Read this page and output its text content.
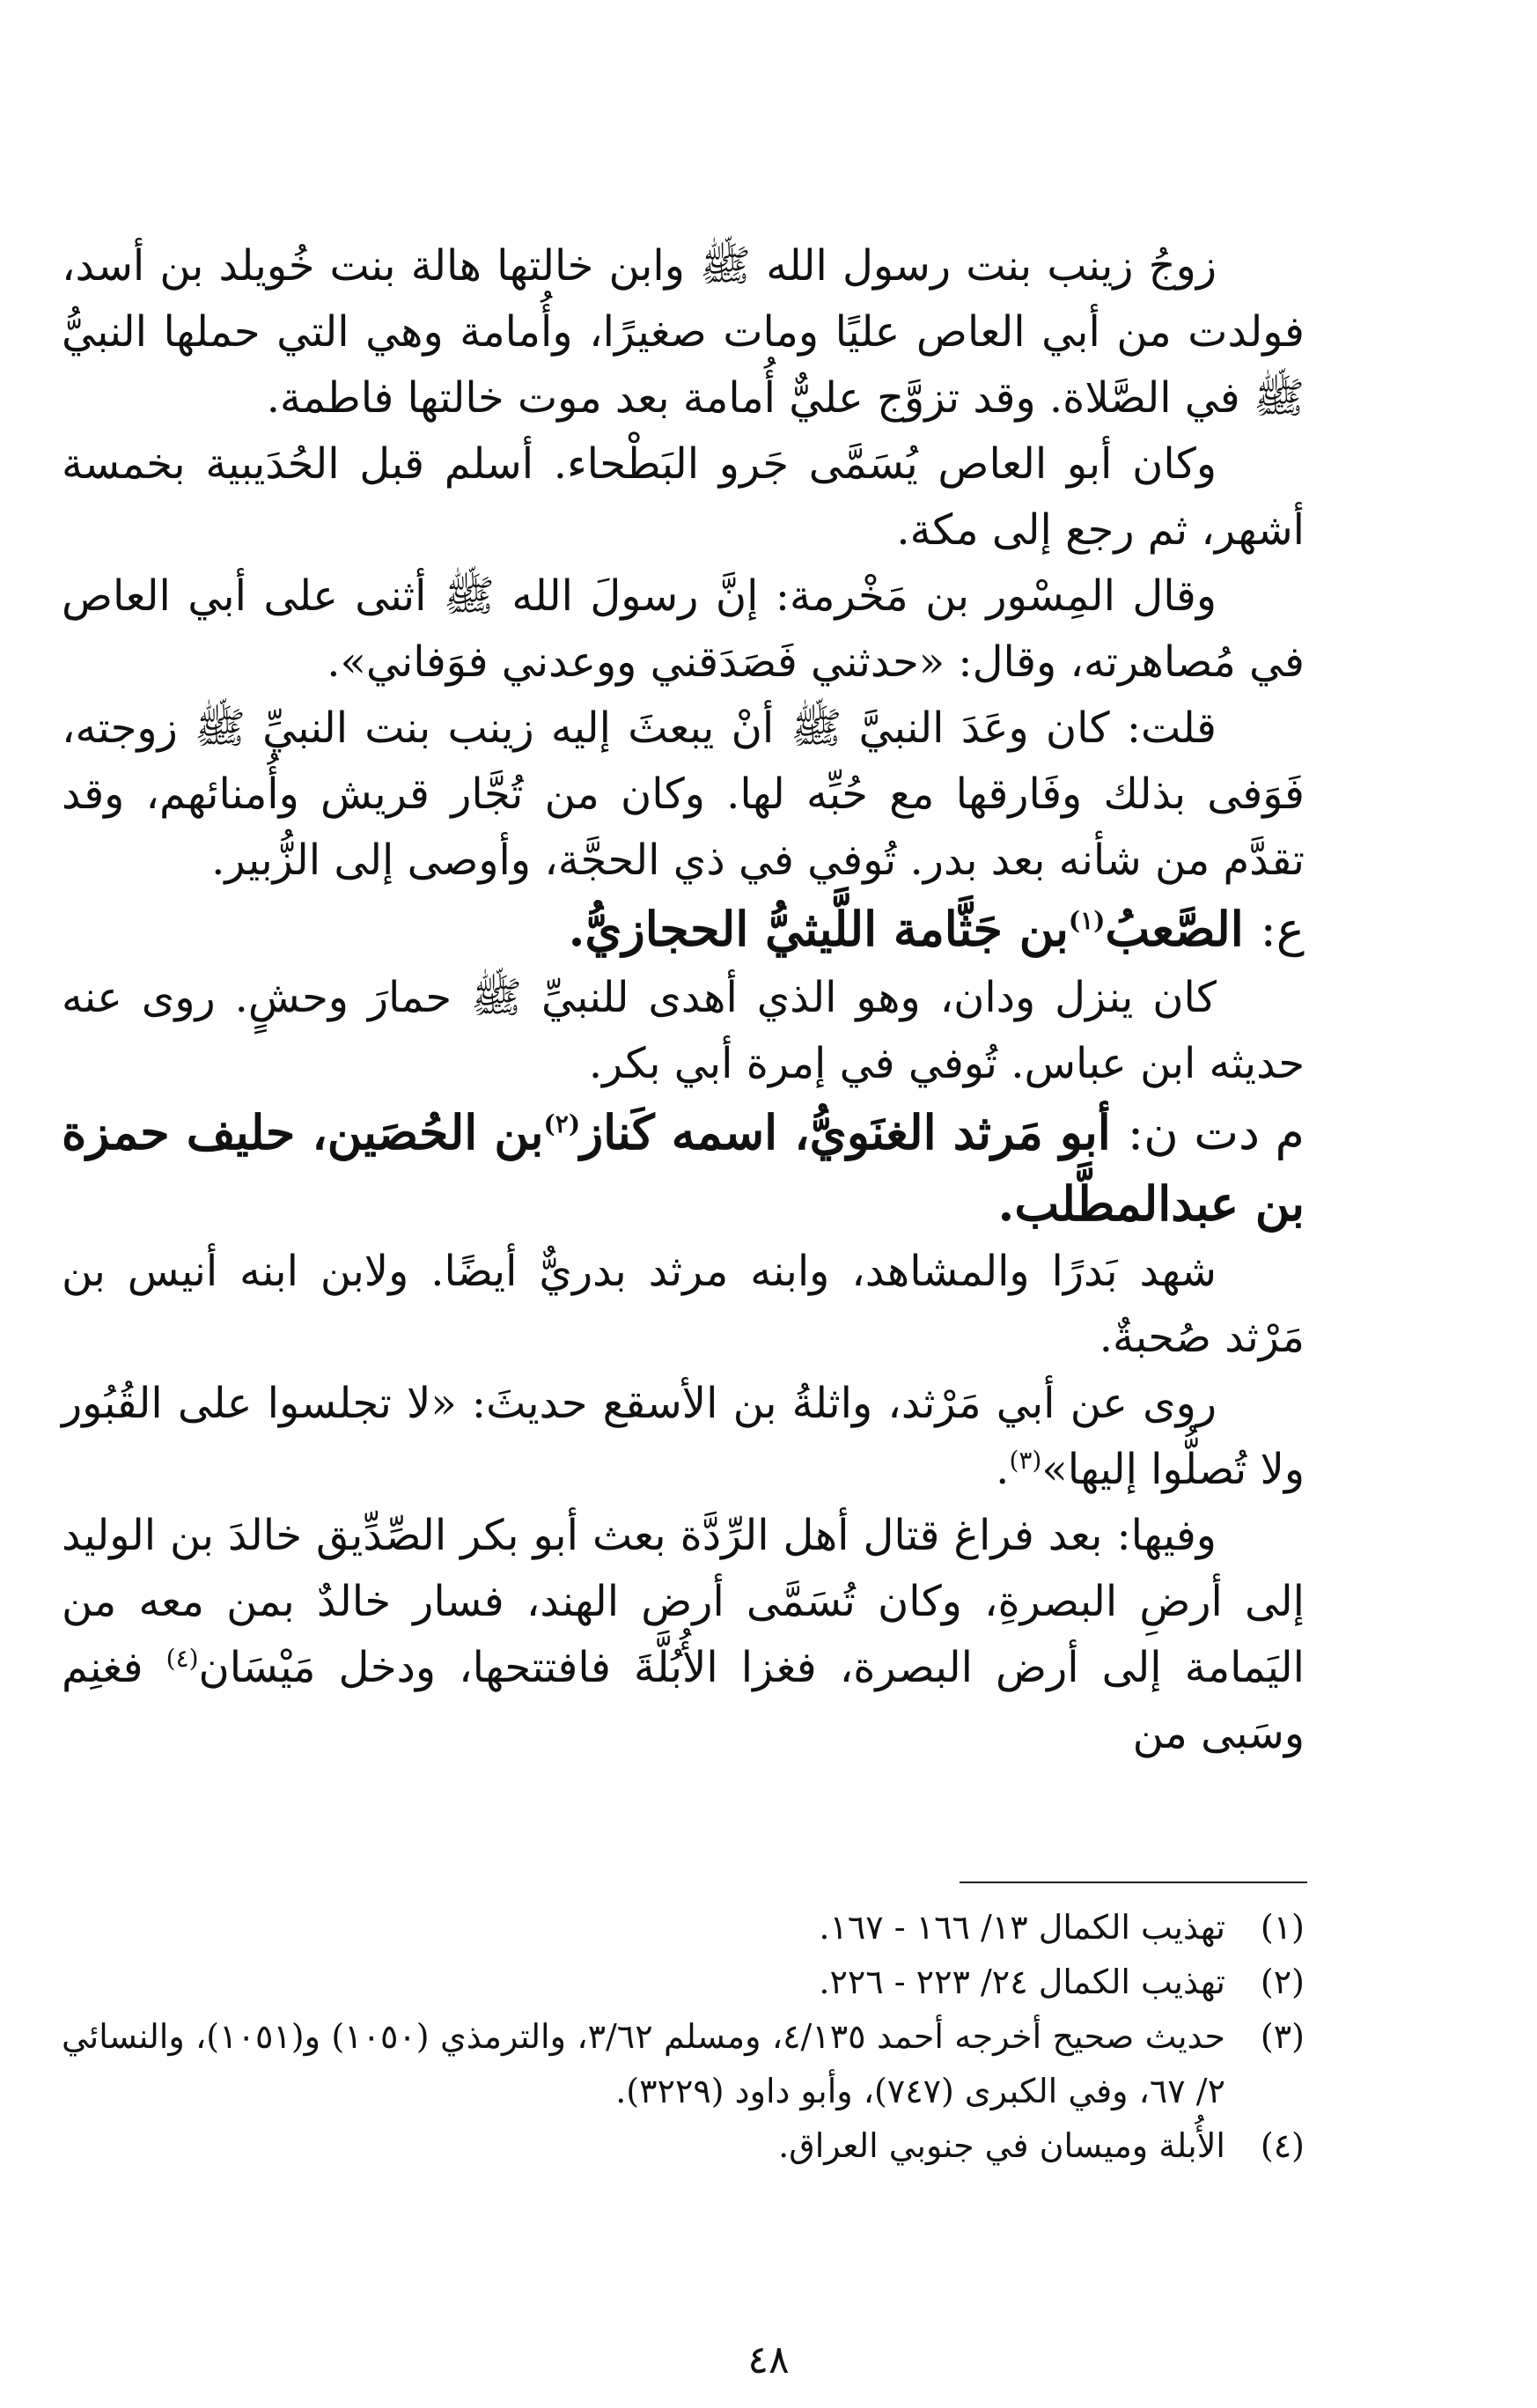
زوجُ زينب بنت رسول الله ﷺ وابن خالتها هالة بنت خُويلد بن أسد، فولدت من أبي العاص عليًا ومات صغيرًا، وأُمامة وهي التي حملها النبيُّ ﷺ في الصَّلاة. وقد تزوَّج عليٌّ أُمامة بعد موت خالتها فاطمة.

وكان أبو العاص يُسَمَّى جَرو البَطْحاء. أسلم قبل الحُدَيبية بخمسة أشهر، ثم رجع إلى مكة.

وقال المِسْور بن مَخْرمة: إنَّ رسولَ الله ﷺ أثنى على أبي العاص في مُصاهرته، وقال: «حدثني فَصَدَقني ووعدني فوَفاني».

قلت: كان وعَدَ النبيَّ ﷺ أنْ يبعثَ إليه زينب بنت النبيِّ ﷺ زوجته، فَوَفى بذلك وفَارقها مع حُبِّه لها. وكان من تُجَّار قريش وأُمنائهم، وقد تقدَّم من شأنه بعد بدر. تُوفي في ذي الحجَّة، وأوصى إلى الزُّبير.

ع: الصَّعبُ$^{(١)}$بن جَثَّامة اللَّيثيُّ الحجازيُّ.

كان ينزل ودان، وهو الذي أهدى للنبيِّ ﷺ حمارَ وحشٍ. روى عنه حديثه ابن عباس. تُوفي في إمرة أبي بكر.

م دت ن: أبو مَرثد الغنَويُّ، اسمه كَناز$^{(٢)}$بن الحُصَين، حليف حمزة بن عبدالمطَّلب.

شهد بَدرًا والمشاهد، وابنه مرثد بدريٌّ أيضًا. ولابن ابنه أنيس بن مَرْثد صُحبةٌ.

روى عن أبي مَرْثد، واثلةُ بن الأسقع حديثَ: «لا تجلسوا على القُبُور ولا تُصلُّوا إليها»$^{(٣)}$.

وفيها: بعد فراغ قتال أهل الرِّدَّة بعث أبو بكر الصِّدِّيق خالدَ بن الوليد إلى أرضِ البصرةِ، وكان تُسَمَّى أرض الهند، فسار خالدٌ بمن معه من اليَمامة إلى أرض البصرة، فغزا الأُبُلَّةَ فافتتحها، ودخل مَيْسَان$^{(٤)}$ فغنِم وسَبى من

(١)
تهذيب الكمال ١٣/ ١٦٦ - ١٦٧.

(٢)
تهذيب الكمال ٢٤/ ٢٢٣ - ٢٢٦.

(٣)
حديث صحيح أخرجه أحمد ٤/١٣٥، ومسلم ٣/٦٢، والترمذي (١٠٥٠) و(١٠٥١)، والنسائي ٢/ ٦٧، وفي الكبرى (٧٤٧)، وأبو داود (٣٢٢٩).

(٤)
الأُبلة وميسان في جنوبي العراق.

٤٨
